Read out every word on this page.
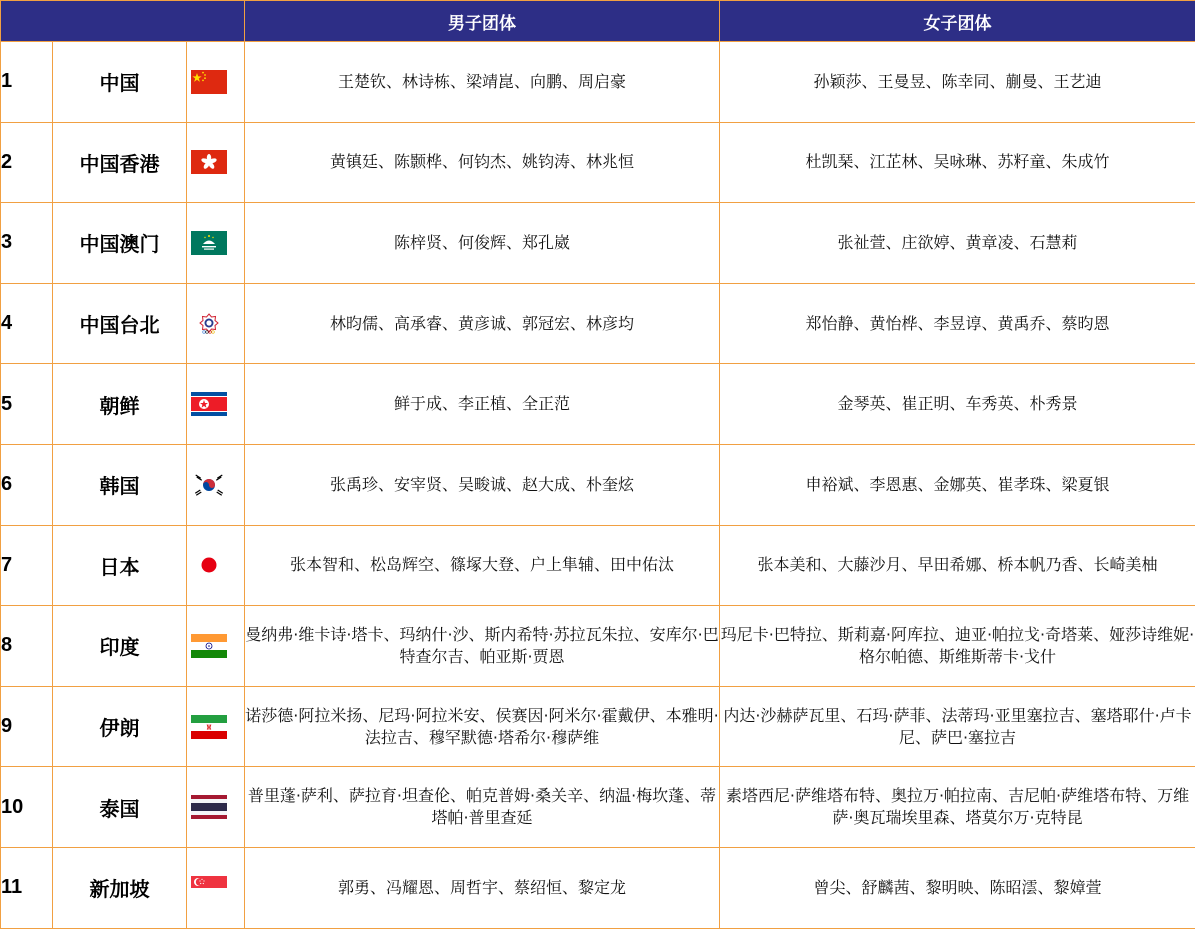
			男子团体	女子团体
1	中国		王楚钦、林诗栋、梁靖崑、向鹏、周启豪	孙颖莎、王曼昱、陈幸同、蒯曼、王艺迪
2	中国香港		黄镇廷、陈颢桦、何钧杰、姚钧涛、林兆恒	杜凯琹、江芷林、吴咏琳、苏籽童、朱成竹
3	中国澳门		陈梓贤、何俊辉、郑孔崴	张祉萱、庄欲婷、黄章凌、石慧莉
4	中国台北		林昀儒、高承睿、黄彦诚、郭冠宏、林彦均	郑怡静、黄怡桦、李昱谆、黄禹乔、蔡昀恩
5	朝鲜		鲜于成、李正植、全正范	金琴英、崔正明、车秀英、朴秀景
6	韩国		张禹珍、安宰贤、吴畯诚、赵大成、朴奎炫	申裕斌、李恩惠、金娜英、崔孝珠、梁夏银
7	日本		张本智和、松岛辉空、篠塚大登、户上隼辅、田中佑汰	张本美和、大藤沙月、早田希娜、桥本帆乃香、长崎美柚
8	印度		曼纳弗·维卡诗·塔卡、玛纳什·沙、斯内希特·苏拉瓦朱拉、安库尔·巴特查尔吉、帕亚斯·贾恩	玛尼卡·巴特拉、斯莉嘉·阿库拉、迪亚·帕拉戈·奇塔莱、娅莎诗维妮·格尔帕德、斯维斯蒂卡·戈什
9	伊朗		诺莎德·阿拉米扬、尼玛·阿拉米安、侯赛因·阿米尔·霍戴伊、本雅明·法拉吉、穆罕默德·塔希尔·穆萨维	内达·沙赫萨瓦里、石玛·萨菲、法蒂玛·亚里塞拉吉、塞塔耶什·卢卡尼、萨巴·塞拉吉
10	泰国		普里蓬·萨利、萨拉育·坦查伦、帕克普姆·桑关辛、纳温·梅坎蓬、蒂塔帕·普里查延	素塔西尼·萨维塔布特、奥拉万·帕拉南、吉尼帕·萨维塔布特、万维萨·奥瓦瑞埃里森、塔莫尔万·克特昆
11	新加坡		郭勇、冯耀恩、周哲宇、蔡绍恒、黎定龙	曾尖、舒麟茜、黎明映、陈昭澐、黎嫜萱
